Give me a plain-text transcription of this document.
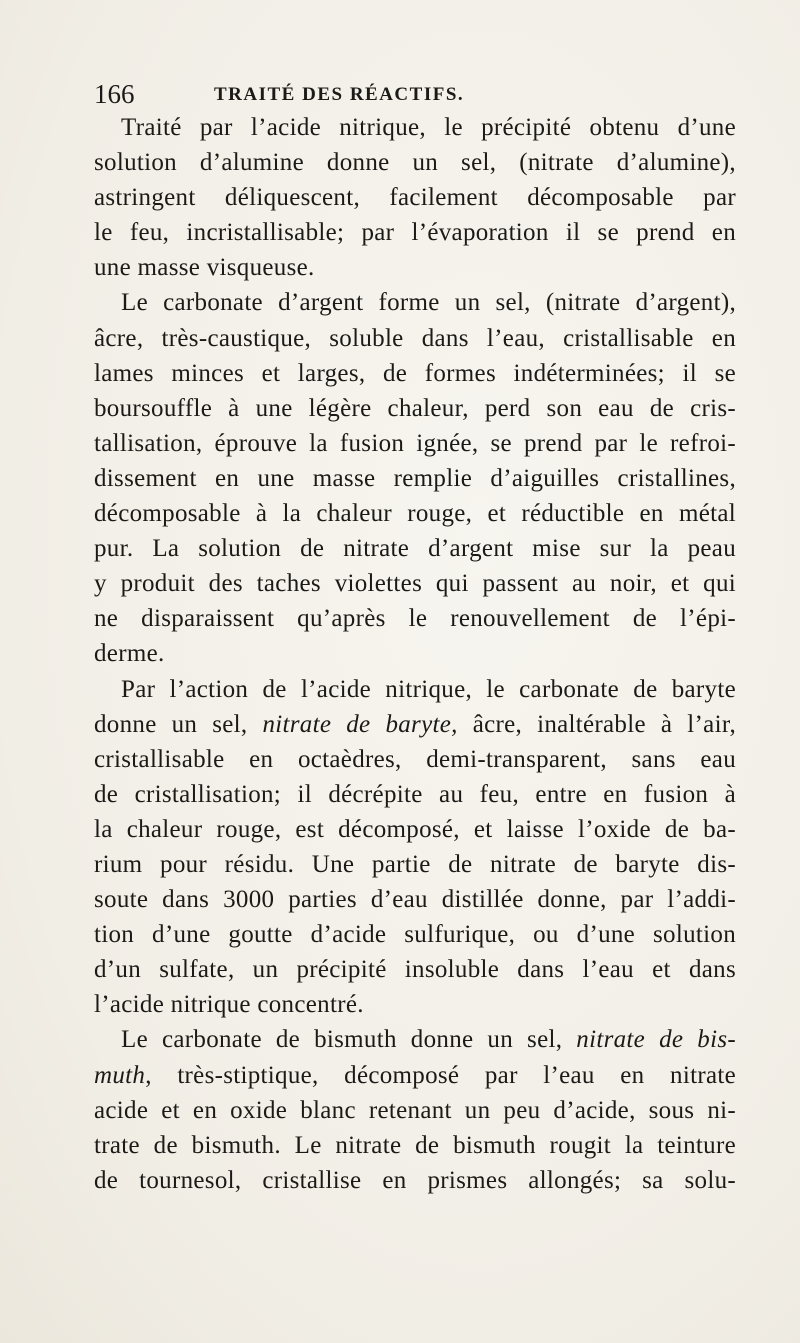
166	TRAITÉ DES RÉACTIFS.
Traité par l’acide nitrique, le précipité obtenu d’une
solution d’alumine donne un sel, (nitrate d’alumine),
astringent déliquescent, facilement décomposable par
le feu, incristallisable; par l’évaporation il se prend en
une masse visqueuse.
Le carbonate d’argent forme un sel, (nitrate d’argent),
âcre, très-caustique, soluble dans l’eau, cristallisable en
lames minces et larges, de formes indéterminées; il se
boursouffle à une légère chaleur, perd son eau de cris-
tallisation, éprouve la fusion ignée, se prend par le refroi-
dissement en une masse remplie d’aiguilles cristallines,
décomposable à la chaleur rouge, et réductible en métal
pur. La solution de nitrate d’argent mise sur la peau
y produit des taches violettes qui passent au noir, et qui
ne disparaissent qu’après le renouvellement de l’épi-
derme.
Par l’action de l’acide nitrique, le carbonate de baryte
donne un sel, nitrate de baryte, âcre, inaltérable à l’air,
cristallisable en octaèdres, demi-transparent, sans eau
de cristallisation; il décrépite au feu, entre en fusion à
la chaleur rouge, est décomposé, et laisse l’oxide de ba-
rium pour résidu. Une partie de nitrate de baryte dis-
soute dans 3000 parties d’eau distillée donne, par l’addi-
tion d’une goutte d’acide sulfurique, ou d’une solution
d’un sulfate, un précipité insoluble dans l’eau et dans
l’acide nitrique concentré.
Le carbonate de bismuth donne un sel, nitrate de bis-
muth, très-stiptique, décomposé par l’eau en nitrate
acide et en oxide blanc retenant un peu d’acide, sous ni-
trate de bismuth. Le nitrate de bismuth rougit la teinture
de tournesol, cristallise en prismes allongés; sa solu-
